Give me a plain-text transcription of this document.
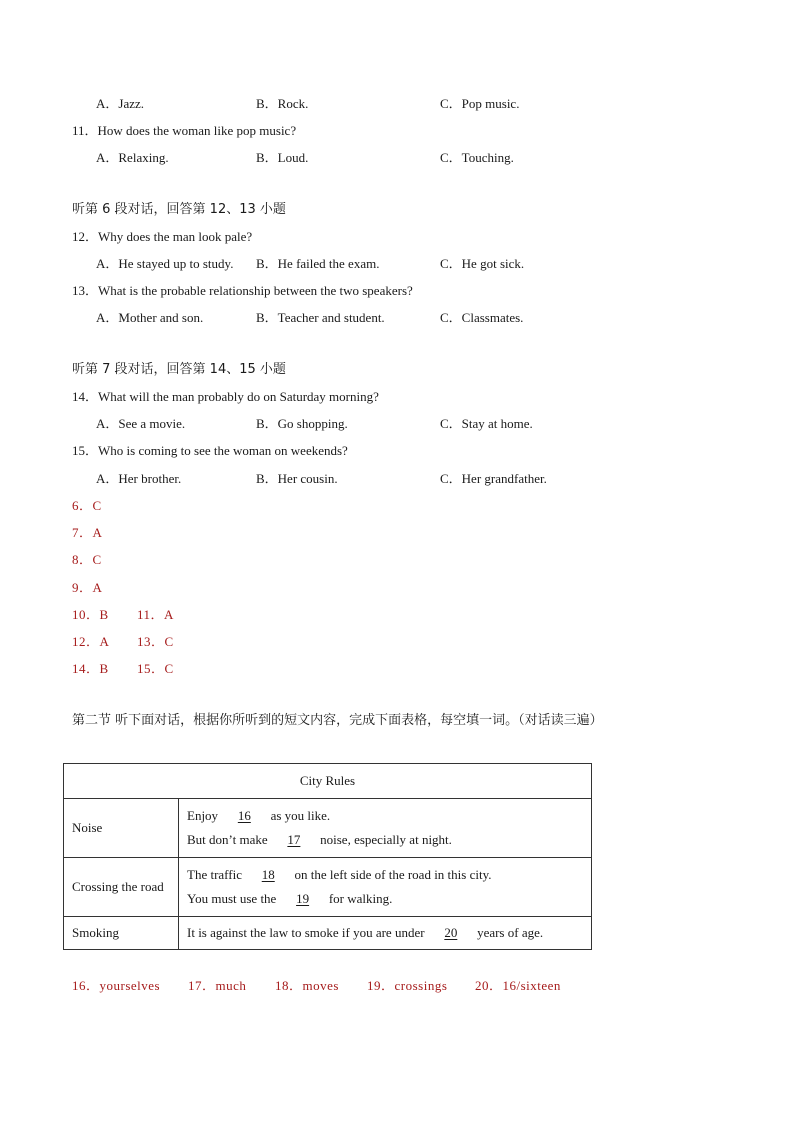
A．Jazz.	B．Rock.	C．Pop music.
11．How does the woman like pop music?
A．Relaxing.	B．Loud.	C．Touching.
听第 6 段对话，回答第 12、13 小题
12．Why does the man look pale?
A．He stayed up to study. B．He failed the exam.	C．He got sick.
13．What is the probable relationship between the two speakers?
A．Mother and son.	B．Teacher and student.	C．Classmates.
听第 7 段对话，回答第 14、15 小题
14．What will the man probably do on Saturday morning?
A．See a movie.	B．Go shopping.	C．Stay at home.
15．Who is coming to see the woman on weekends?
A．Her brother.	B．Her cousin.	C．Her grandfather.
6．C
7．A
8．C
9．A
10．B 11．A
12．A 13．C
14．B 15．C
第二节 听下面对话，根据你所听到的短文内容，完成下面表格，每空填一词。（对话读三遍）
City Rules	
Noise	Enjoy 16 as you like.
But don’t make 17 noise, especially at night.

Crossing the road	The traffic 18 on the left side of the road in this city.
You must use the 19 for walking.

Smoking	It is against the law to smoke if you are under 20 years of age.
16．yourselves 17．much 18．moves 19．crossings 20．16/sixteen
